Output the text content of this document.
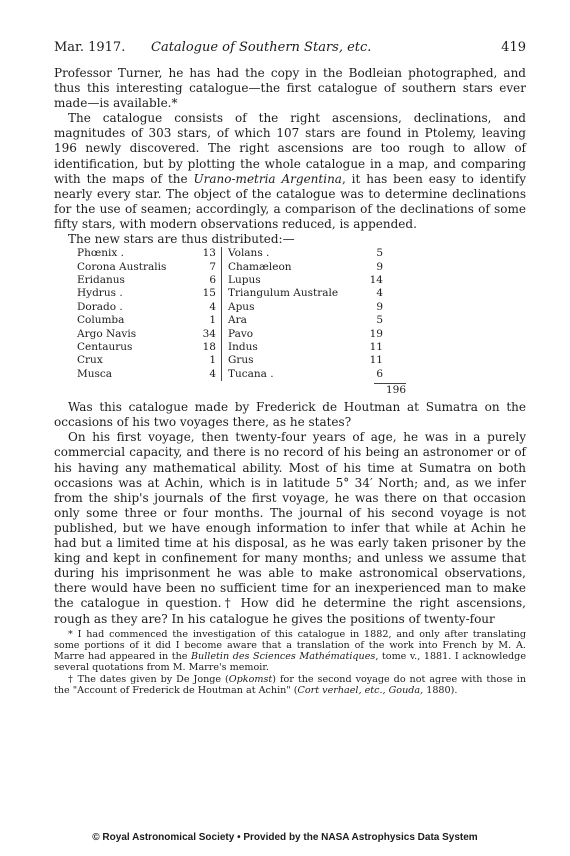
Mar. 1917. Catalogue of Southern Stars, etc.	419

Professor Turner, he has had the copy in the Bodleian photographed, and thus this interesting catalogue—the first catalogue of southern stars ever made—is available.*

The catalogue consists of the right ascensions, declinations, and magnitudes of 303 stars, of which 107 stars are found in Ptolemy, leaving 196 newly discovered. The right ascensions are too rough to allow of identification, but by plotting the whole catalogue in a map, and comparing with the maps of the Urano-metria Argentina, it has been easy to identify nearly every star. The object of the catalogue was to determine declinations for the use of seamen; accordingly, a comparison of the declinations of some fifty stars, with modern observations reduced, is appended.

The new stars are thus distributed:—

Phœnix .	13	Volans .	5
Corona Australis	7	Chamæleon	9
Eridanus	6	Lupus	14
Hydrus .	15	Triangulum Australe	4
Dorado .	4	Apus	9
Columba	1	Ara	5
Argo Navis	34	Pavo	19
Centaurus	18	Indus	11
Crux	1	Grus	11
Musca	4	Tucana .	6
196

Was this catalogue made by Frederick de Houtman at Sumatra on the occasions of his two voyages there, as he states?

On his first voyage, then twenty-four years of age, he was in a purely commercial capacity, and there is no record of his being an astronomer or of his having any mathematical ability. Most of his time at Sumatra on both occasions was at Achin, which is in latitude 5° 34′ North; and, as we infer from the ship's journals of the first voyage, he was there on that occasion only some three or four months. The journal of his second voyage is not published, but we have enough information to infer that while at Achin he had but a limited time at his disposal, as he was early taken prisoner by the king and kept in confinement for many months; and unless we assume that during his imprisonment he was able to make astronomical observations, there would have been no sufficient time for an inexperienced man to make the catalogue in question.† How did he determine the right ascensions, rough as they are? In his catalogue he gives the positions of twenty-four

* I had commenced the investigation of this catalogue in 1882, and only after translating some portions of it did I become aware that a translation of the work into French by M. A. Marre had appeared in the Bulletin des Sciences Mathématiques, tome v., 1881. I acknowledge several quotations from M. Marre's memoir.

† The dates given by De Jonge (Opkomst) for the second voyage do not agree with those in the "Account of Frederick de Houtman at Achin" (Cort verhael, etc., Gouda, 1880).

© Royal Astronomical Society • Provided by the NASA Astrophysics Data System
